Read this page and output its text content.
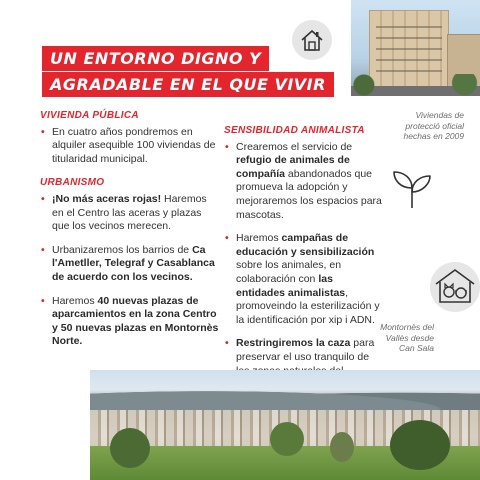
UN ENTORNO DIGNO Y
AGRADABLE EN EL QUE VIVIR
Viviendas de protecció oficial hechas en 2009
VIVIENDA PÚBLICA
• En cuatro años pondremos en alquiler asequible 100 viviendas de titularidad municipal.
URBANISMO
• ¡No más aceras rojas! Haremos en el Centro las aceras y plazas que los vecinos merecen.
• Urbanizaremos los barrios de Ca l'Ametller, Telegraf y Casablanca de acuerdo con los vecinos.
• Haremos 40 nuevas plazas de aparcamientos en la zona Centro y 50 nuevas plazas en Montornès Norte.
SENSIBILIDAD ANIMALISTA
• Crearemos el servicio de refugio de animales de compañía abandonados que promueva la adopción y mejoraremos los espacios para mascotas.
• Haremos campañas de educación y sensibilización sobre los animales, en colaboración con las entidades animalistas, promoveindo la esterilización y la identificación por xip i ADN.
• Restringiremos la caza para preservar el uso tranquilo de
Montornès del Vallès desde Can Sala
